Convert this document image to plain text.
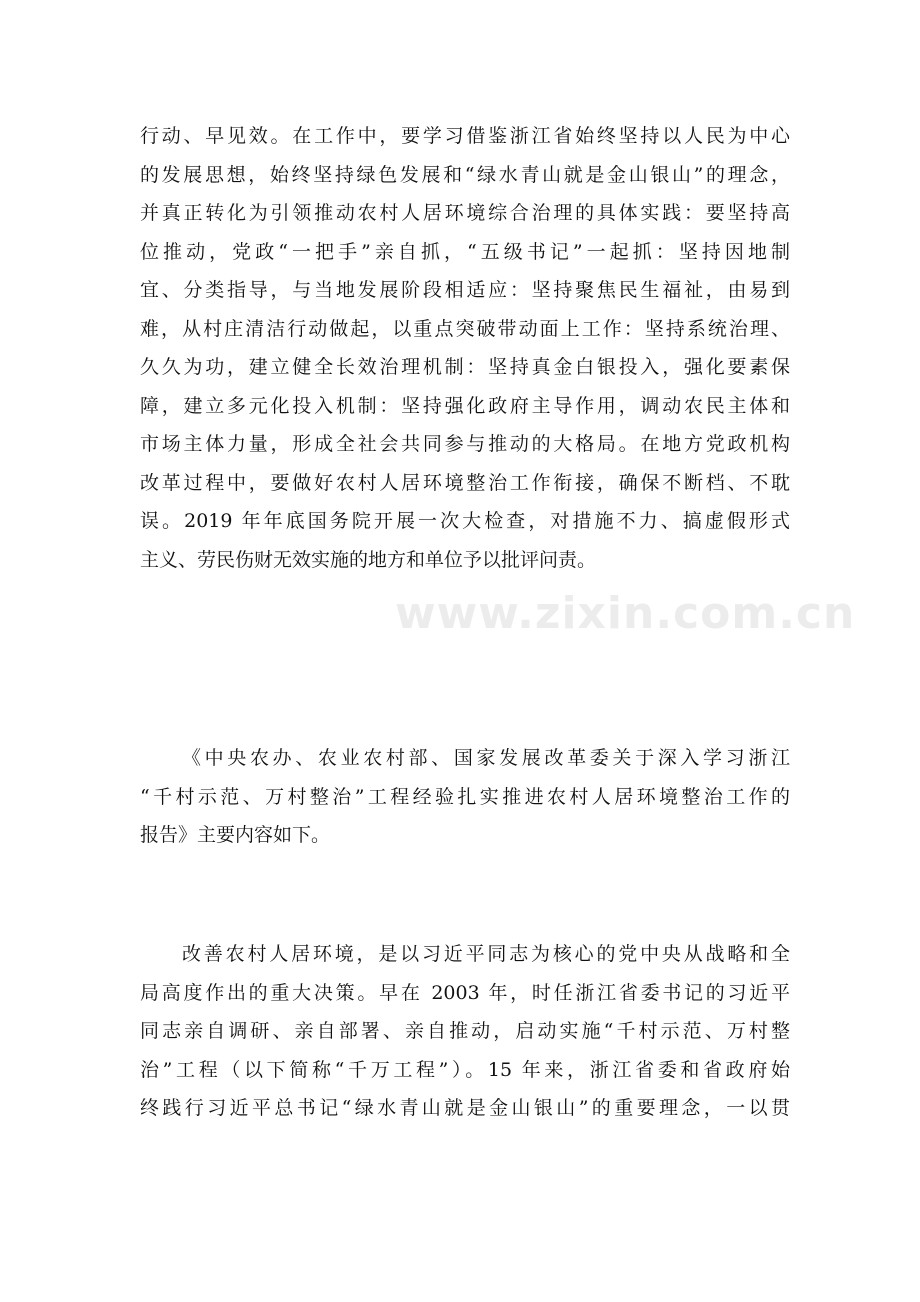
www.zixin.com.cn
行动、早见效。在工作中，要学习借鉴浙江省始终坚持以人民为中心
的发展思想，始终坚持绿色发展和“绿水青山就是金山银山”的理念，
并真正转化为引领推动农村人居环境综合治理的具体实践：要坚持高
位推动，党政“一把手”亲自抓，“五级书记”一起抓：坚持因地制
宜、分类指导，与当地发展阶段相适应：坚持聚焦民生福祉，由易到
难，从村庄清洁行动做起，以重点突破带动面上工作：坚持系统治理、
久久为功，建立健全长效治理机制：坚持真金白银投入，强化要素保
障，建立多元化投入机制：坚持强化政府主导作用，调动农民主体和
市场主体力量，形成全社会共同参与推动的大格局。在地方党政机构
改革过程中，要做好农村人居环境整治工作衔接，确保不断档、不耽
误。2019 年年底国务院开展一次大检查，对措施不力、搞虚假形式
主义、劳民伤财无效实施的地方和单位予以批评问责。
《中央农办、农业农村部、国家发展改革委关于深入学习浙江
“千村示范、万村整治”工程经验扎实推进农村人居环境整治工作的
报告》主要内容如下。
改善农村人居环境，是以习近平同志为核心的党中央从战略和全
局高度作出的重大决策。早在 2003 年，时任浙江省委书记的习近平
同志亲自调研、亲自部署、亲自推动，启动实施“千村示范、万村整
治”工程（以下简称“千万工程”）。15 年来，浙江省委和省政府始
终践行习近平总书记“绿水青山就是金山银山”的重要理念，一以贯
